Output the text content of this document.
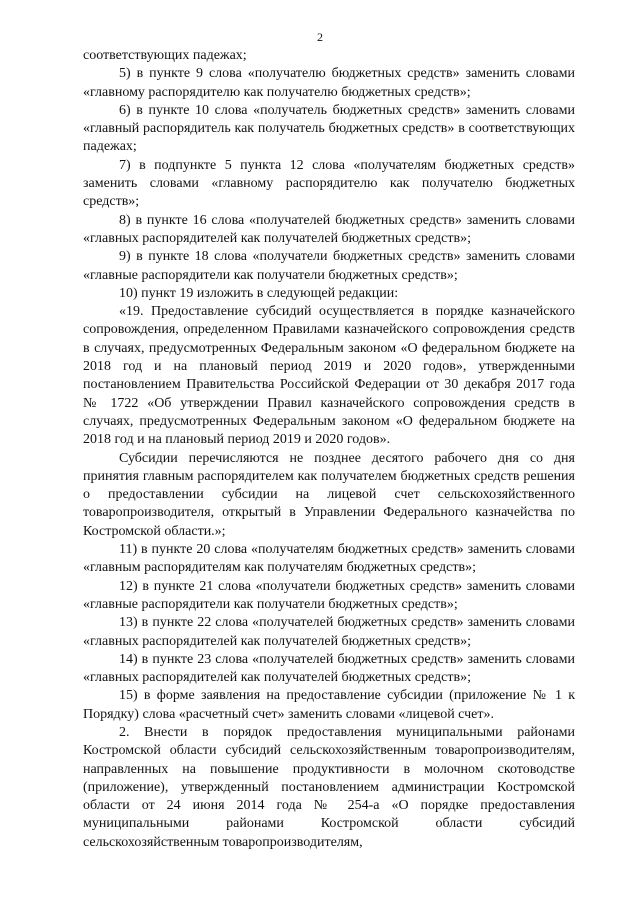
2

соответствующих падежах;

5) в пункте 9 слова «получателю бюджетных средств» заменить словами «главному распорядителю как получателю бюджетных средств»;

6) в пункте 10 слова «получатель бюджетных средств» заменить словами «главный распорядитель как получатель бюджетных средств» в соответствующих падежах;

7) в подпункте 5 пункта 12 слова «получателям бюджетных средств» заменить словами «главному распорядителю как получателю бюджетных средств»;

8) в пункте 16 слова «получателей бюджетных средств» заменить словами «главных распорядителей как получателей бюджетных средств»;

9) в пункте 18 слова «получатели бюджетных средств» заменить словами «главные распорядители как получатели бюджетных средств»;

10) пункт 19 изложить в следующей редакции:

«19. Предоставление субсидий осуществляется в порядке казначейского сопровождения, определенном Правилами казначейского сопровождения средств в случаях, предусмотренных Федеральным законом «О федеральном бюджете на 2018 год и на плановый период 2019 и 2020 годов», утвержденными постановлением Правительства Российской Федерации от 30 декабря 2017 года № 1722 «Об утверждении Правил казначейского сопровождения средств в случаях, предусмотренных Федеральным законом «О федеральном бюджете на 2018 год и на плановый период 2019 и 2020 годов».

Субсидии перечисляются не позднее десятого рабочего дня со дня принятия главным распорядителем как получателем бюджетных средств решения о предоставлении субсидии на лицевой счет сельскохозяйственного товаропроизводителя, открытый в Управлении Федерального казначейства по Костромской области.»;

11) в пункте 20 слова «получателям бюджетных средств» заменить словами «главным распорядителям как получателям бюджетных средств»;

12) в пункте 21 слова «получатели бюджетных средств» заменить словами «главные распорядители как получатели бюджетных средств»;

13) в пункте 22 слова «получателей бюджетных средств» заменить словами «главных распорядителей как получателей бюджетных средств»;

14) в пункте 23 слова «получателей бюджетных средств» заменить словами «главных распорядителей как получателей бюджетных средств»;

15) в форме заявления на предоставление субсидии (приложение № 1 к Порядку) слова «расчетный счет» заменить словами «лицевой счет».

2. Внести в порядок предоставления муниципальными районами Костромской области субсидий сельскохозяйственным товаропроизводителям, направленных на повышение продуктивности в молочном скотоводстве (приложение), утвержденный постановлением администрации Костромской области от 24 июня 2014 года № 254-а «О порядке предоставления муниципальными районами Костромской области субсидий сельскохозяйственным товаропроизводителям,
